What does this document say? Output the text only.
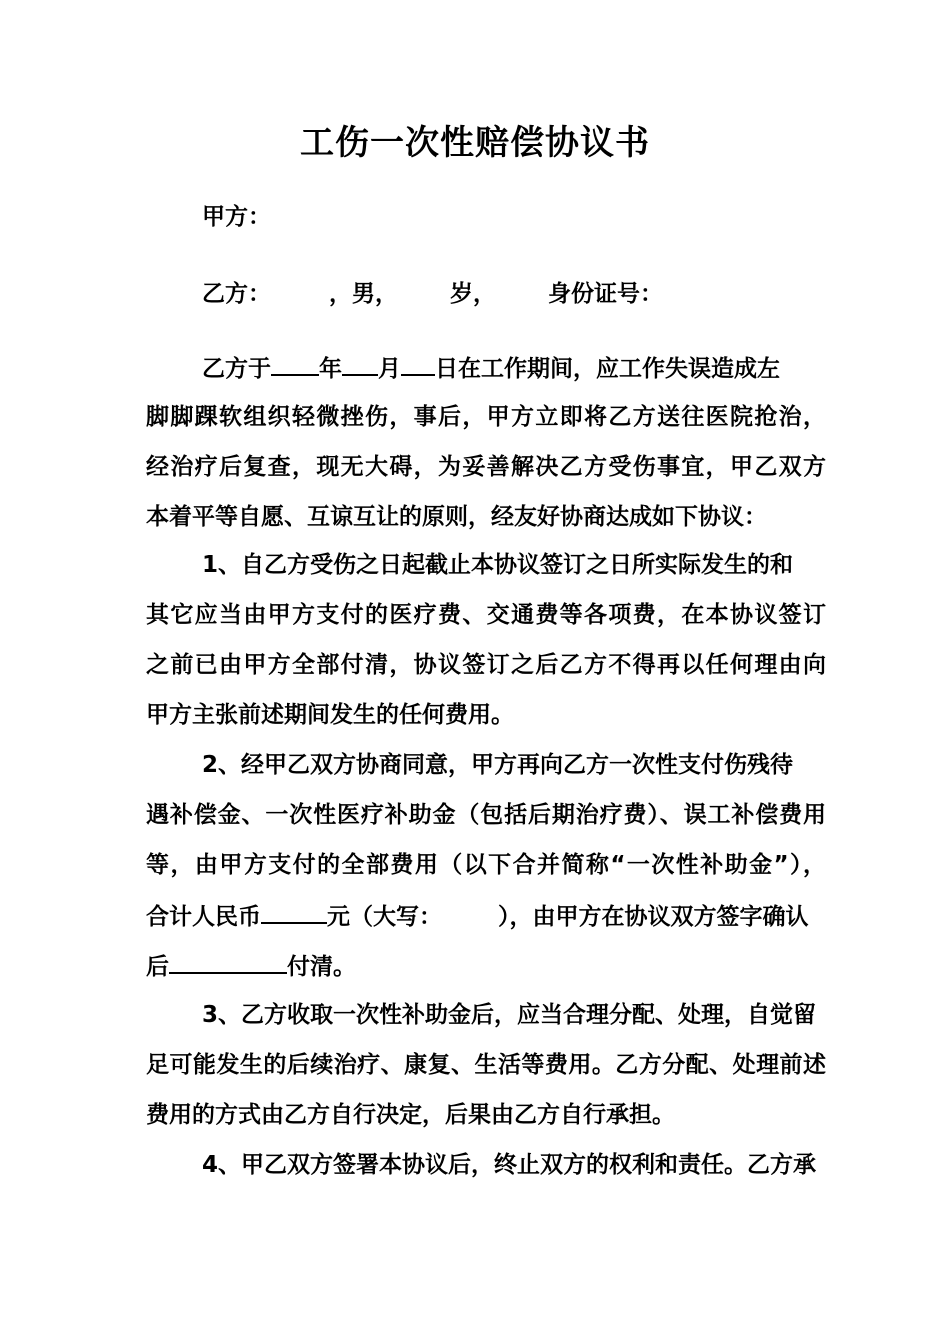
工伤一次性赔偿协议书
甲方：
乙方：	，男， 岁， 身份证号：
乙方于 年 月 日在工作期间，应工作失误造成左
脚脚踝软组织轻微挫伤，事后，甲方立即将乙方送往医院抢治，
经治疗后复查，现无大碍，为妥善解决乙方受伤事宜，甲乙双方
本着平等自愿、互谅互让的原则，经友好协商达成如下协议：
1、自乙方受伤之日起截止本协议签订之日所实际发生的和
其它应当由甲方支付的医疗费、交通费等各项费，在本协议签订
之前已由甲方全部付清，协议签订之后乙方不得再以任何理由向
甲方主张前述期间发生的任何费用。
2、经甲乙双方协商同意，甲方再向乙方一次性支付伤残待
遇补偿金、一次性医疗补助金（包括后期治疗费）、误工补偿费用
等，由甲方支付的全部费用（以下合并简称“一次性补助金”），
合计人民币	元（大写： ），由甲方在协议双方签字确认
后	付清。
3、乙方收取一次性补助金后，应当合理分配、处理，自觉留
足可能发生的后续治疗、康复、生活等费用。乙方分配、处理前述
费用的方式由乙方自行决定，后果由乙方自行承担。
4、甲乙双方签署本协议后，终止双方的权利和责任。乙方承
